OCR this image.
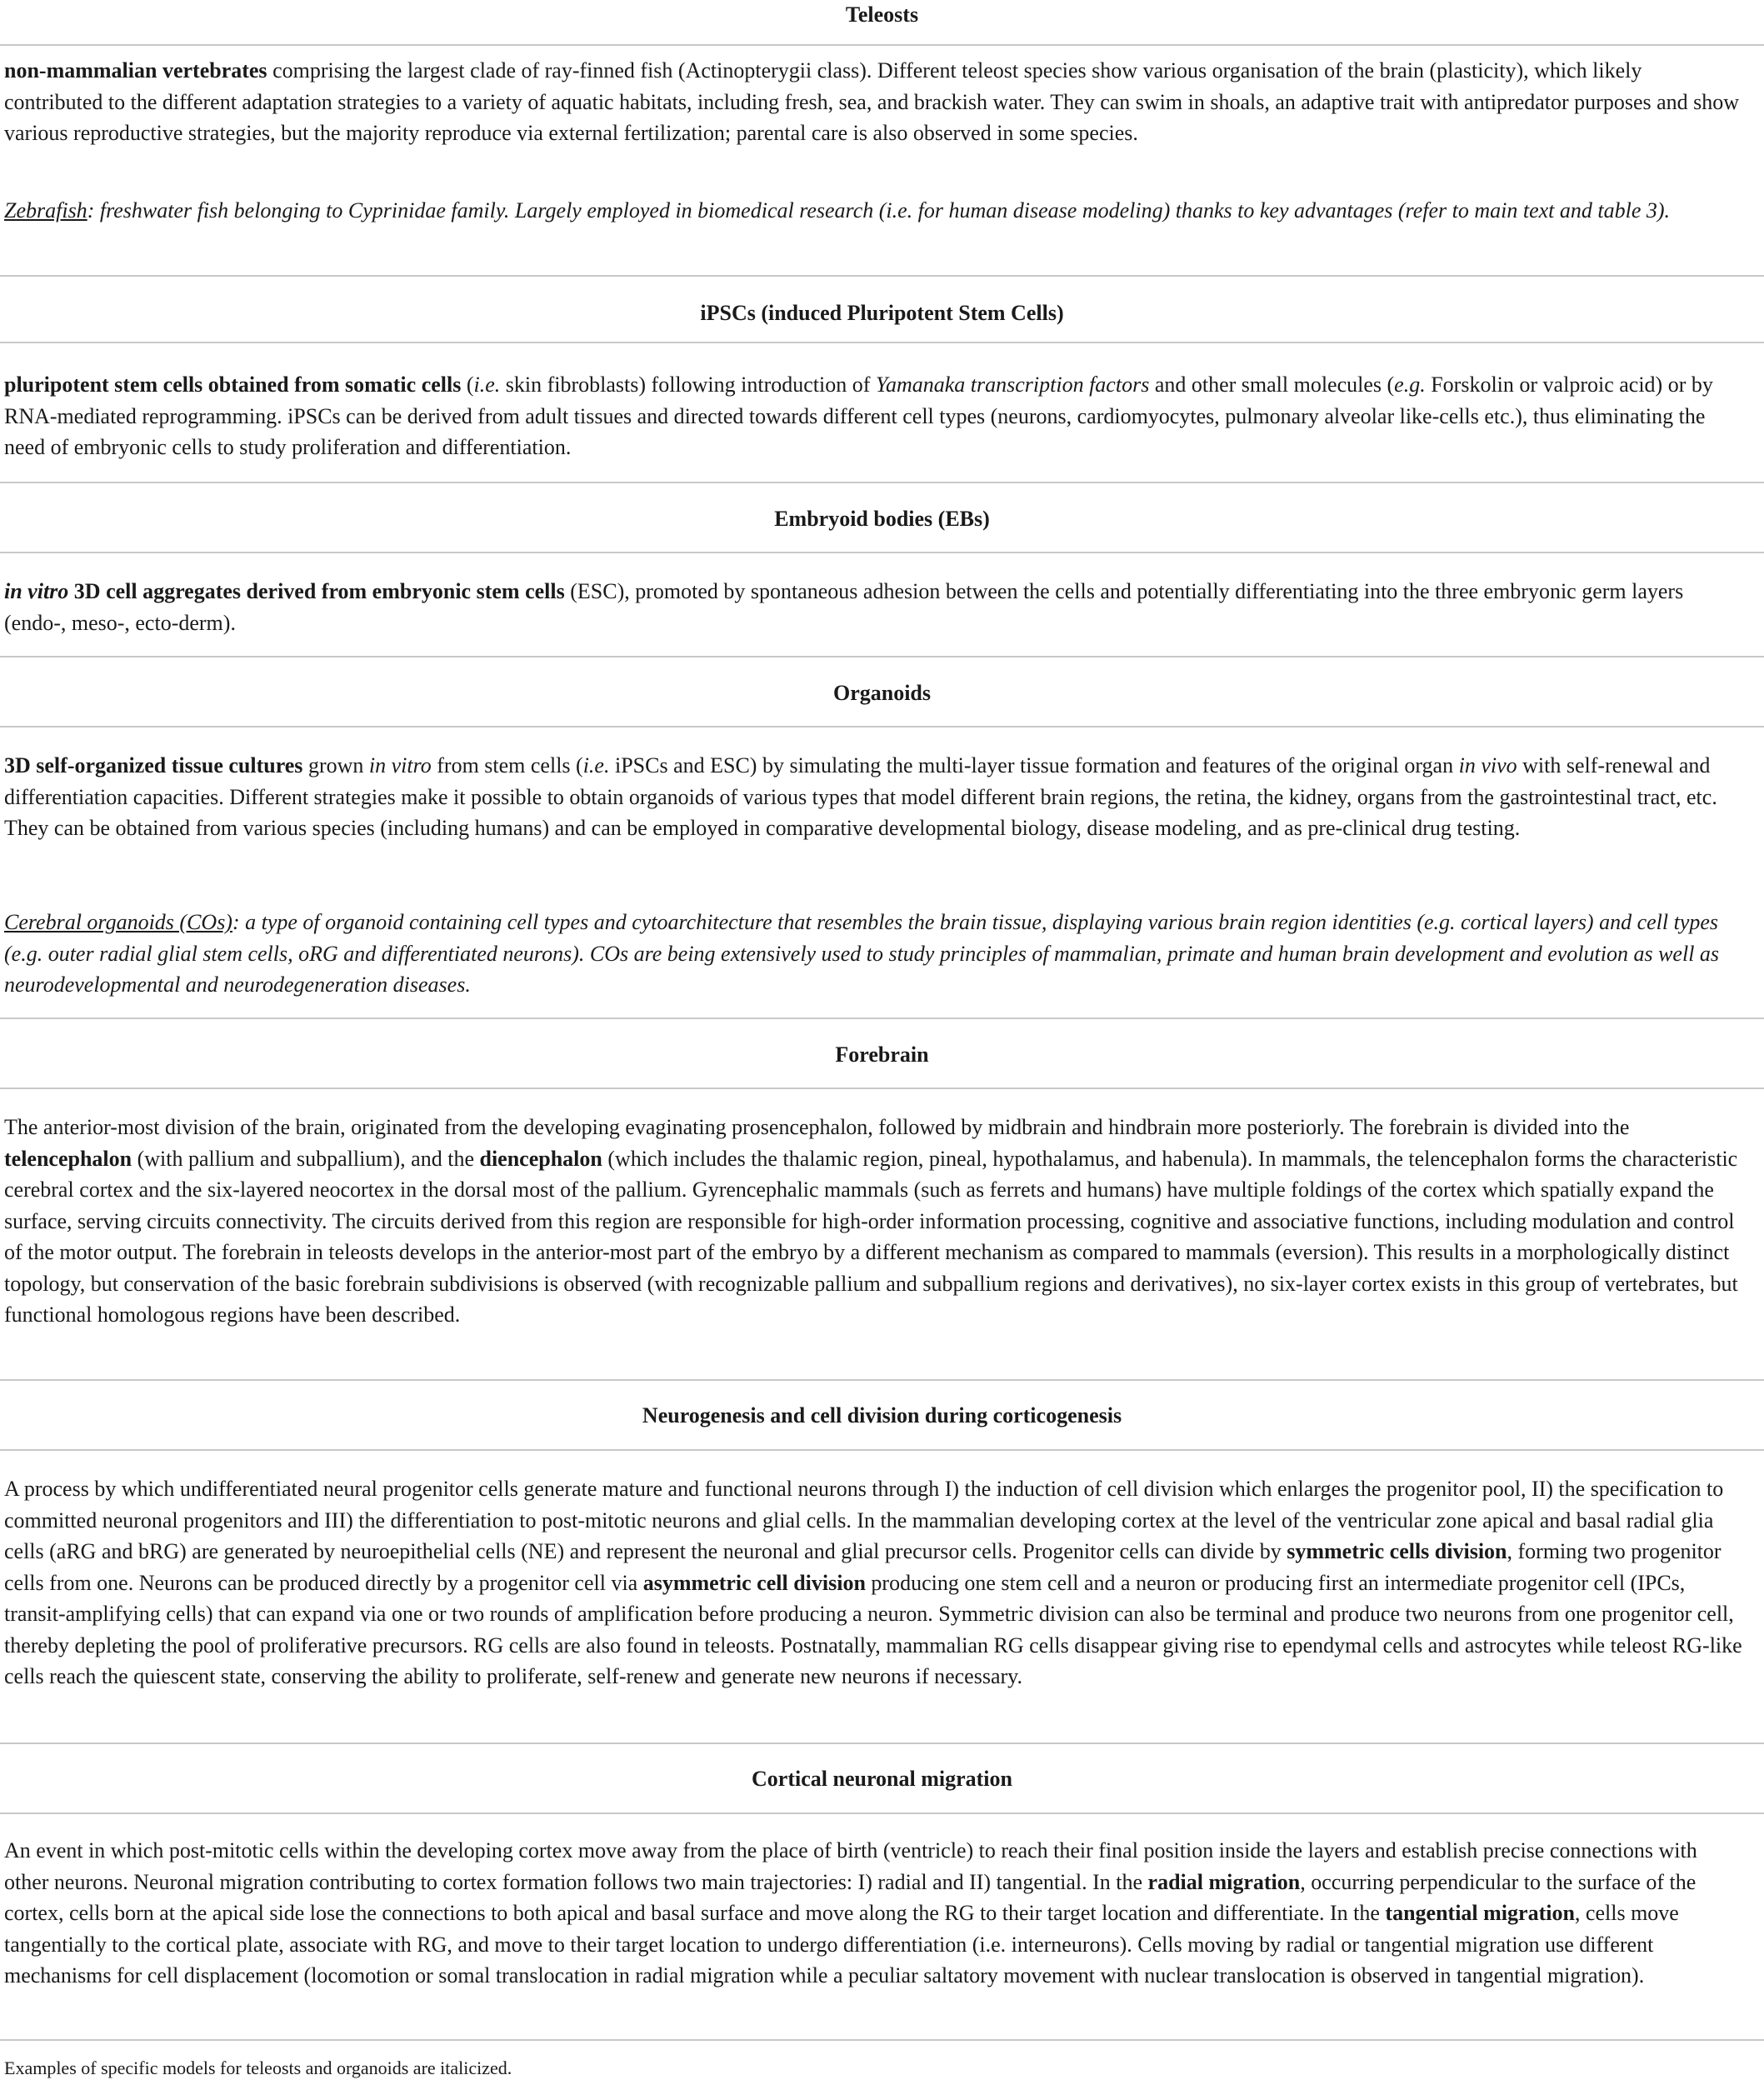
Teleosts

non-mammalian vertebrates comprising the largest clade of ray-finned fish (Actinopterygii class). Different teleost species show various organisation of the brain (plasticity), which likely contributed to the different adaptation strategies to a variety of aquatic habitats, including fresh, sea, and brackish water. They can swim in shoals, an adaptive trait with antipredator purposes and show various reproductive strategies, but the majority reproduce via external fertilization; parental care is also observed in some species.

Zebrafish: freshwater fish belonging to Cyprinidae family. Largely employed in biomedical research (i.e. for human disease modeling) thanks to key advantages (refer to main text and table 3).

iPSCs (induced Pluripotent Stem Cells)

pluripotent stem cells obtained from somatic cells (i.e. skin fibroblasts) following introduction of Yamanaka transcription factors and other small molecules (e.g. Forskolin or valproic acid) or by RNA-mediated reprogramming. iPSCs can be derived from adult tissues and directed towards different cell types (neurons, cardiomyocytes, pulmonary alveolar like-cells etc.), thus eliminating the need of embryonic cells to study proliferation and differentiation.

Embryoid bodies (EBs)

in vitro 3D cell aggregates derived from embryonic stem cells (ESC), promoted by spontaneous adhesion between the cells and potentially differentiating into the three embryonic germ layers (endo-, meso-, ecto-derm).

Organoids

3D self-organized tissue cultures grown in vitro from stem cells (i.e. iPSCs and ESC) by simulating the multi-layer tissue formation and features of the original organ in vivo with self-renewal and differentiation capacities. Different strategies make it possible to obtain organoids of various types that model different brain regions, the retina, the kidney, organs from the gastrointestinal tract, etc. They can be obtained from various species (including humans) and can be employed in comparative developmental biology, disease modeling, and as pre-clinical drug testing.

Cerebral organoids (COs): a type of organoid containing cell types and cytoarchitecture that resembles the brain tissue, displaying various brain region identities (e.g. cortical layers) and cell types (e.g. outer radial glial stem cells, oRG and differentiated neurons). COs are being extensively used to study principles of mammalian, primate and human brain development and evolution as well as neurodevelopmental and neurodegeneration diseases.

Forebrain

The anterior-most division of the brain, originated from the developing evaginating prosencephalon, followed by midbrain and hindbrain more posteriorly. The forebrain is divided into the telencephalon (with pallium and subpallium), and the diencephalon (which includes the thalamic region, pineal, hypothalamus, and habenula). In mammals, the telencephalon forms the characteristic cerebral cortex and the six-layered neocortex in the dorsal most of the pallium. Gyrencephalic mammals (such as ferrets and humans) have multiple foldings of the cortex which spatially expand the surface, serving circuits connectivity. The circuits derived from this region are responsible for high-order information processing, cognitive and associative functions, including modulation and control of the motor output. The forebrain in teleosts develops in the anterior-most part of the embryo by a different mechanism as compared to mammals (eversion). This results in a morphologically distinct topology, but conservation of the basic forebrain subdivisions is observed (with recognizable pallium and subpallium regions and derivatives), no six-layer cortex exists in this group of vertebrates, but functional homologous regions have been described.

Neurogenesis and cell division during corticogenesis

A process by which undifferentiated neural progenitor cells generate mature and functional neurons through I) the induction of cell division which enlarges the progenitor pool, II) the specification to committed neuronal progenitors and III) the differentiation to post-mitotic neurons and glial cells. In the mammalian developing cortex at the level of the ventricular zone apical and basal radial glia cells (aRG and bRG) are generated by neuroepithelial cells (NE) and represent the neuronal and glial precursor cells. Progenitor cells can divide by symmetric cells division, forming two progenitor cells from one. Neurons can be produced directly by a progenitor cell via asymmetric cell division producing one stem cell and a neuron or producing first an intermediate progenitor cell (IPCs, transit-amplifying cells) that can expand via one or two rounds of amplification before producing a neuron. Symmetric division can also be terminal and produce two neurons from one progenitor cell, thereby depleting the pool of proliferative precursors. RG cells are also found in teleosts. Postnatally, mammalian RG cells disappear giving rise to ependymal cells and astrocytes while teleost RG-like cells reach the quiescent state, conserving the ability to proliferate, self-renew and generate new neurons if necessary.

Cortical neuronal migration

An event in which post-mitotic cells within the developing cortex move away from the place of birth (ventricle) to reach their final position inside the layers and establish precise connections with other neurons. Neuronal migration contributing to cortex formation follows two main trajectories: I) radial and II) tangential. In the radial migration, occurring perpendicular to the surface of the cortex, cells born at the apical side lose the connections to both apical and basal surface and move along the RG to their target location and differentiate. In the tangential migration, cells move tangentially to the cortical plate, associate with RG, and move to their target location to undergo differentiation (i.e. interneurons). Cells moving by radial or tangential migration use different mechanisms for cell displacement (locomotion or somal translocation in radial migration while a peculiar saltatory movement with nuclear translocation is observed in tangential migration).

Examples of specific models for teleosts and organoids are italicized.
